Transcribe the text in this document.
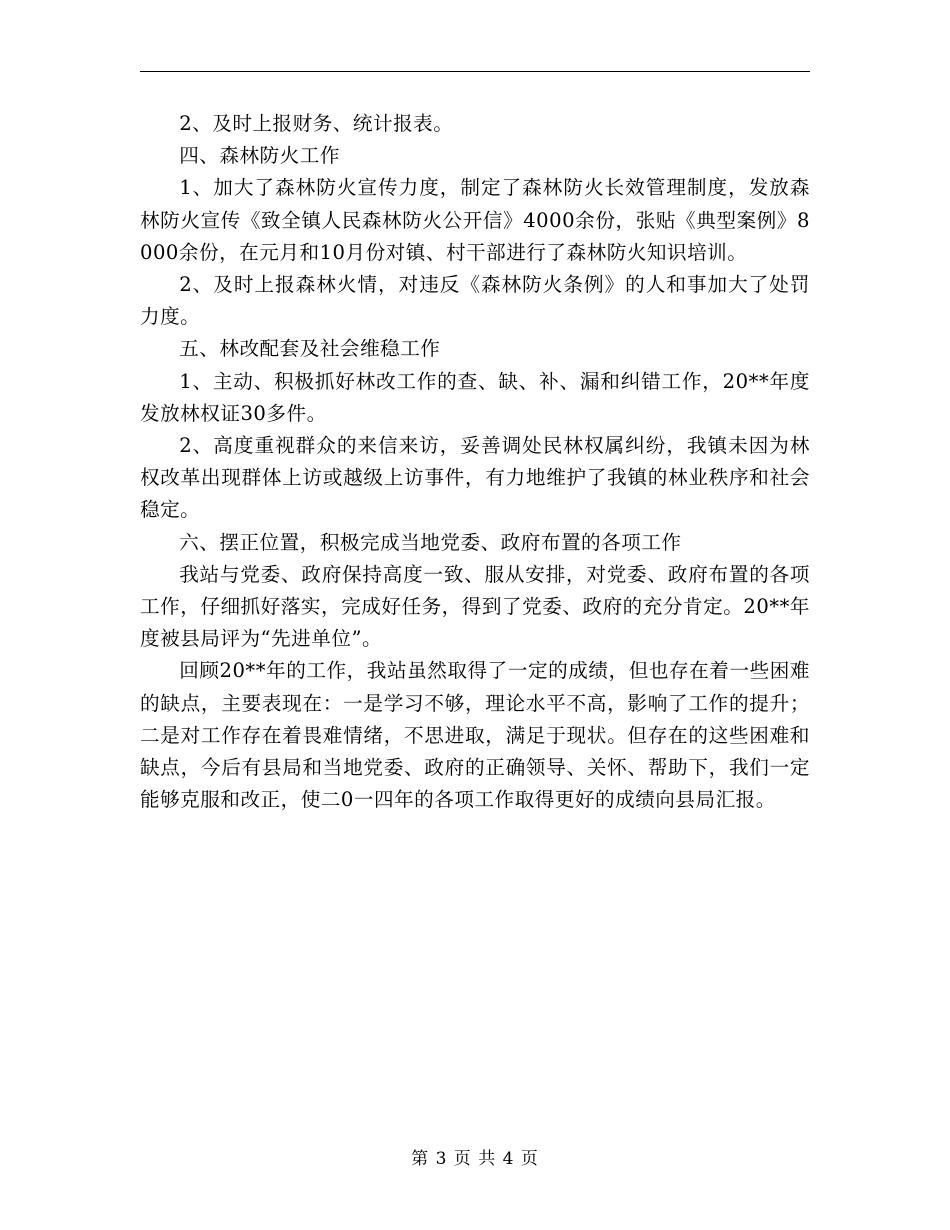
2、及时上报财务、统计报表。

四、森林防火工作

1、加大了森林防火宣传力度，制定了森林防火长效管理制度，发放森林防火宣传《致全镇人民森林防火公开信》4000余份，张贴《典型案例》8000余份，在元月和10月份对镇、村干部进行了森林防火知识培训。

2、及时上报森林火情，对违反《森林防火条例》的人和事加大了处罚力度。

五、林改配套及社会维稳工作

1、主动、积极抓好林改工作的查、缺、补、漏和纠错工作，20**年度发放林权证30多件。

2、高度重视群众的来信来访，妥善调处民林权属纠纷，我镇未因为林权改革出现群体上访或越级上访事件，有力地维护了我镇的林业秩序和社会稳定。

六、摆正位置，积极完成当地党委、政府布置的各项工作

我站与党委、政府保持高度一致、服从安排，对党委、政府布置的各项工作，仔细抓好落实，完成好任务，得到了党委、政府的充分肯定。20**年度被县局评为“先进单位”。

回顾20**年的工作，我站虽然取得了一定的成绩，但也存在着一些困难的缺点，主要表现在：一是学习不够，理论水平不高，影响了工作的提升；二是对工作存在着畏难情绪，不思进取，满足于现状。但存在的这些困难和缺点，今后有县局和当地党委、政府的正确领导、关怀、帮助下，我们一定能够克服和改正，使二0一四年的各项工作取得更好的成绩向县局汇报。

第 3 页 共 4 页
